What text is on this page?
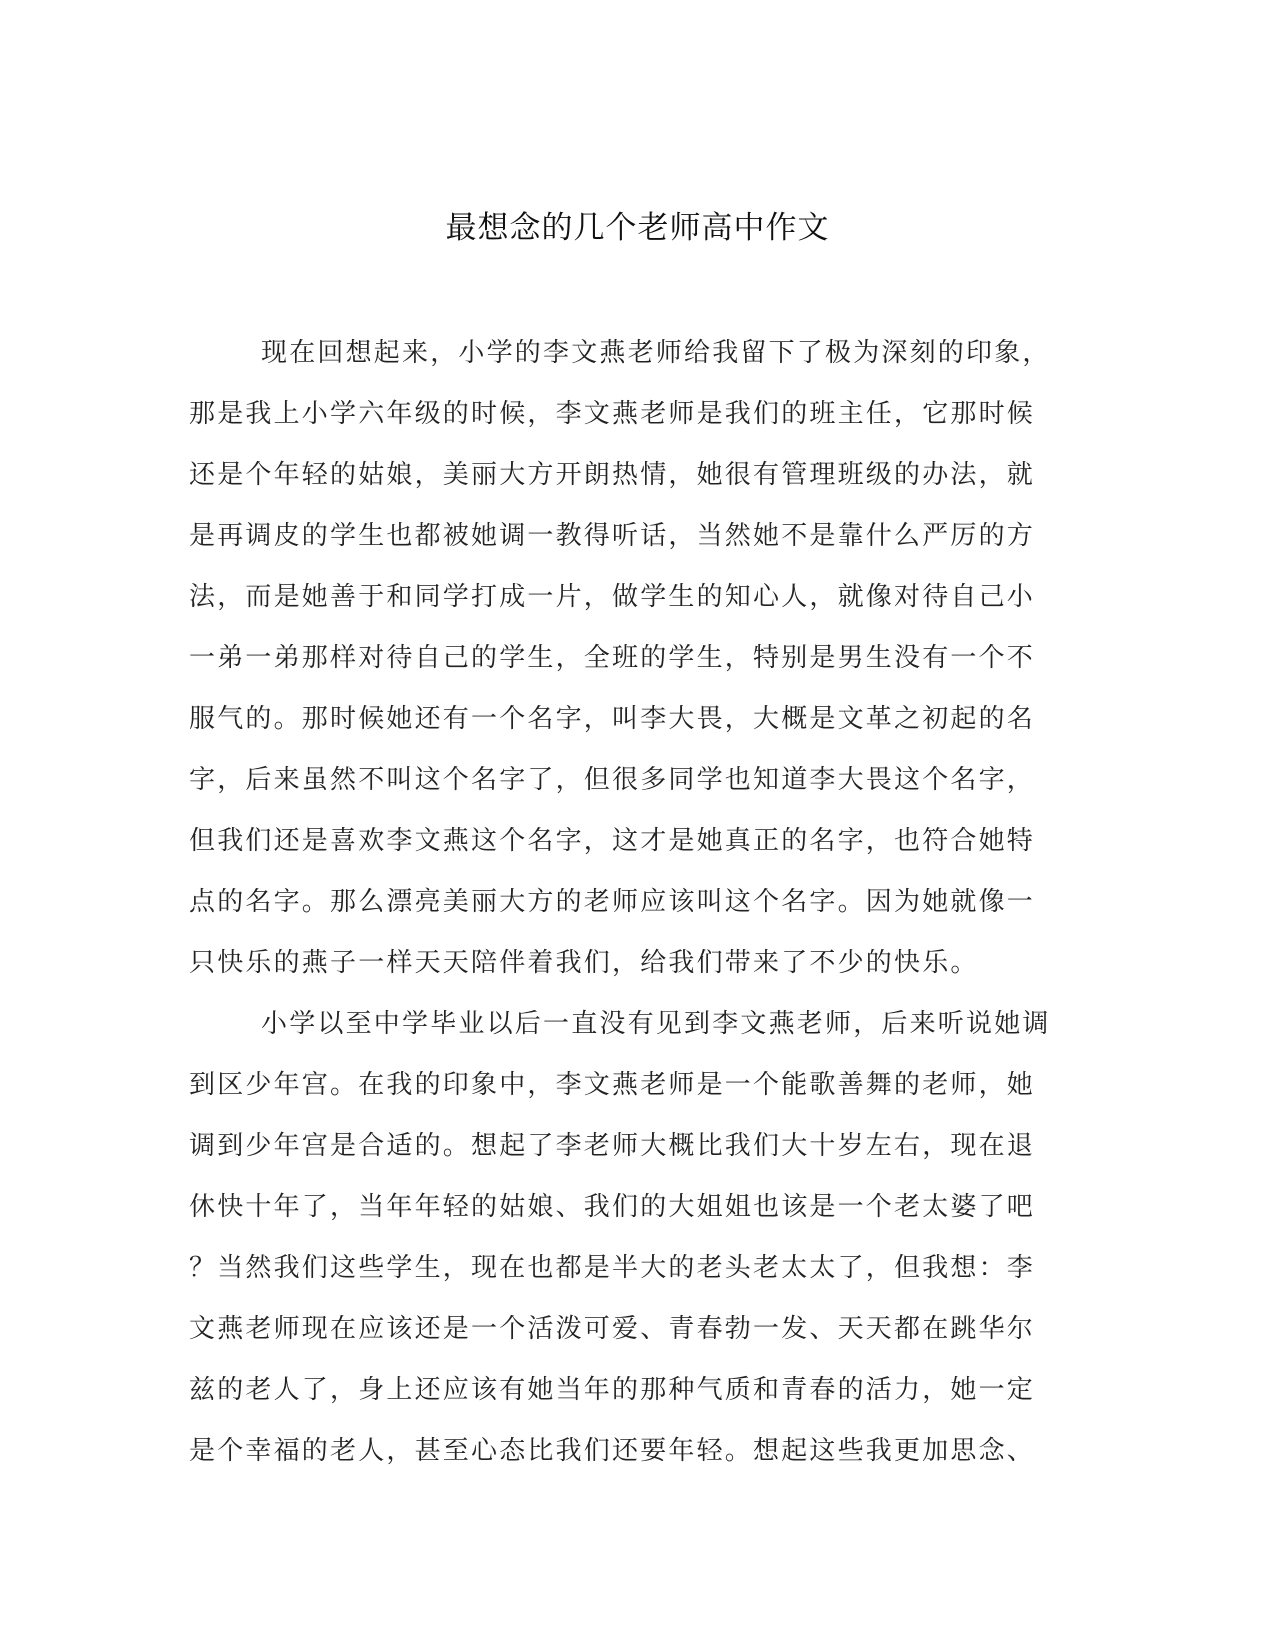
最想念的几个老师高中作文
现在回想起来，小学的李文燕老师给我留下了极为深刻的印象，
那是我上小学六年级的时候，李文燕老师是我们的班主任，它那时候
还是个年轻的姑娘，美丽大方开朗热情，她很有管理班级的办法，就
是再调皮的学生也都被她调一教得听话，当然她不是靠什么严厉的方
法，而是她善于和同学打成一片，做学生的知心人，就像对待自己小
一弟一弟那样对待自己的学生，全班的学生，特别是男生没有一个不
服气的。那时候她还有一个名字，叫李大畏，大概是文革之初起的名
字，后来虽然不叫这个名字了，但很多同学也知道李大畏这个名字，
但我们还是喜欢李文燕这个名字，这才是她真正的名字，也符合她特
点的名字。那么漂亮美丽大方的老师应该叫这个名字。因为她就像一
只快乐的燕子一样天天陪伴着我们，给我们带来了不少的快乐。
小学以至中学毕业以后一直没有见到李文燕老师，后来听说她调
到区少年宫。在我的印象中，李文燕老师是一个能歌善舞的老师，她
调到少年宫是合适的。想起了李老师大概比我们大十岁左右，现在退
休快十年了，当年年轻的姑娘、我们的大姐姐也该是一个老太婆了吧
？当然我们这些学生，现在也都是半大的老头老太太了，但我想：李
文燕老师现在应该还是一个活泼可爱、青春勃一发、天天都在跳华尔
兹的老人了，身上还应该有她当年的那种气质和青春的活力，她一定
是个幸福的老人，甚至心态比我们还要年轻。想起这些我更加思念、
